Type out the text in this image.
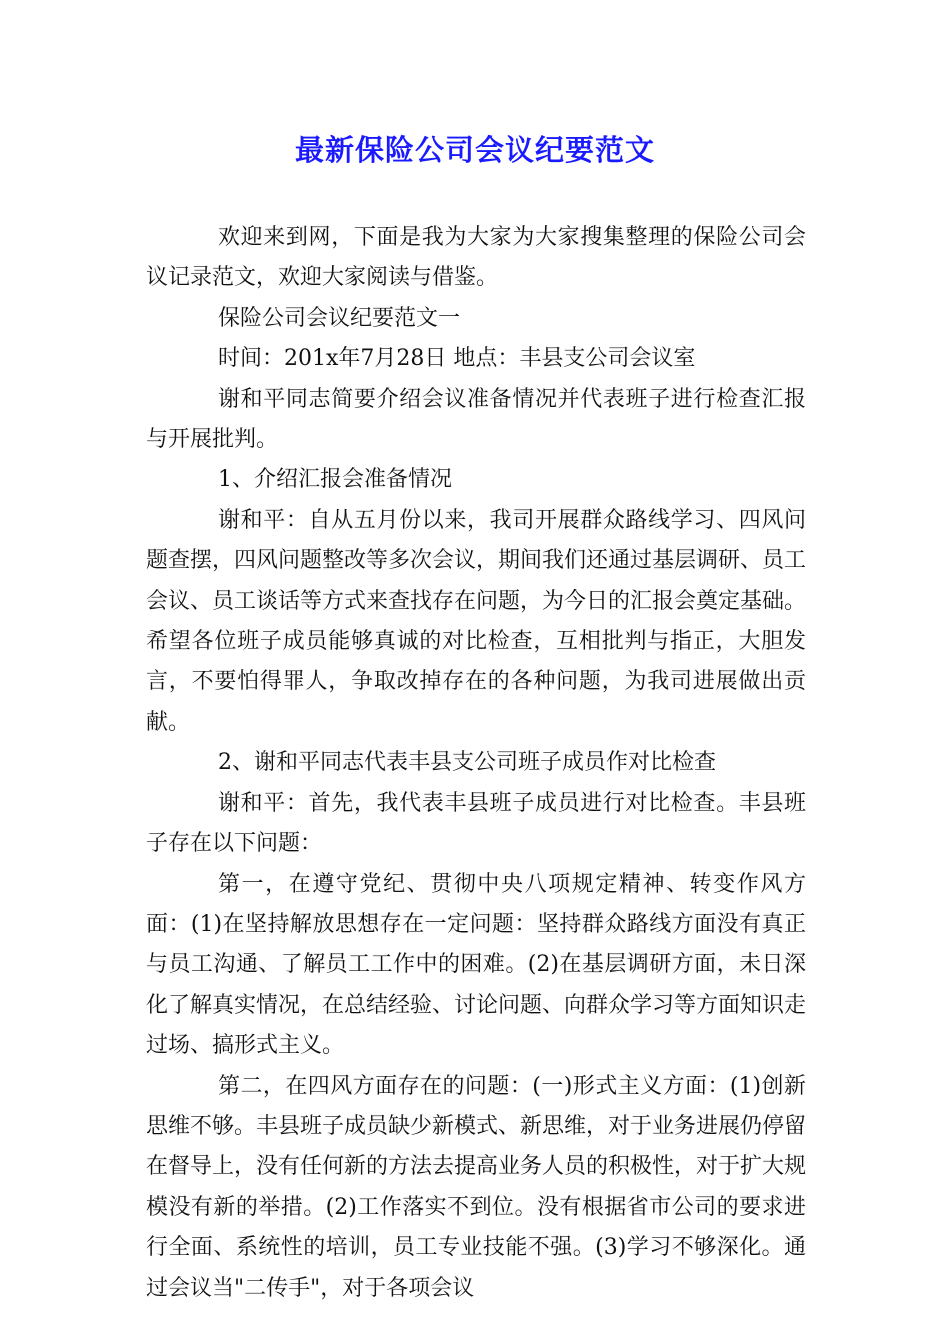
最新保险公司会议纪要范文

欢迎来到网，下面是我为大家为大家搜集整理的保险公司会议记录范文，欢迎大家阅读与借鉴。

保险公司会议纪要范文一

时间：201x年7月28日 地点：丰县支公司会议室

谢和平同志简要介绍会议准备情况并代表班子进行检查汇报与开展批判。

1、介绍汇报会准备情况

谢和平：自从五月份以来，我司开展群众路线学习、四风问题查摆，四风问题整改等多次会议，期间我们还通过基层调研、员工会议、员工谈话等方式来查找存在问题，为今日的汇报会奠定基础。希望各位班子成员能够真诚的对比检查，互相批判与指正，大胆发言，不要怕得罪人，争取改掉存在的各种问题，为我司进展做出贡献。

2、谢和平同志代表丰县支公司班子成员作对比检查

谢和平：首先，我代表丰县班子成员进行对比检查。丰县班子存在以下问题：

第一，在遵守党纪、贯彻中央八项规定精神、转变作风方面：(1)在坚持解放思想存在一定问题：坚持群众路线方面没有真正与员工沟通、了解员工工作中的困难。(2)在基层调研方面，未日深化了解真实情况，在总结经验、讨论问题、向群众学习等方面知识走过场、搞形式主义。

第二，在四风方面存在的问题：(一)形式主义方面：(1)创新思维不够。丰县班子成员缺少新模式、新思维，对于业务进展仍停留在督导上，没有任何新的方法去提高业务人员的积极性，对于扩大规模没有新的举措。(2)工作落实不到位。没有根据省市公司的要求进行全面、系统性的培训，员工专业技能不强。(3)学习不够深化。通过会议当"二传手"，对于各项会议
